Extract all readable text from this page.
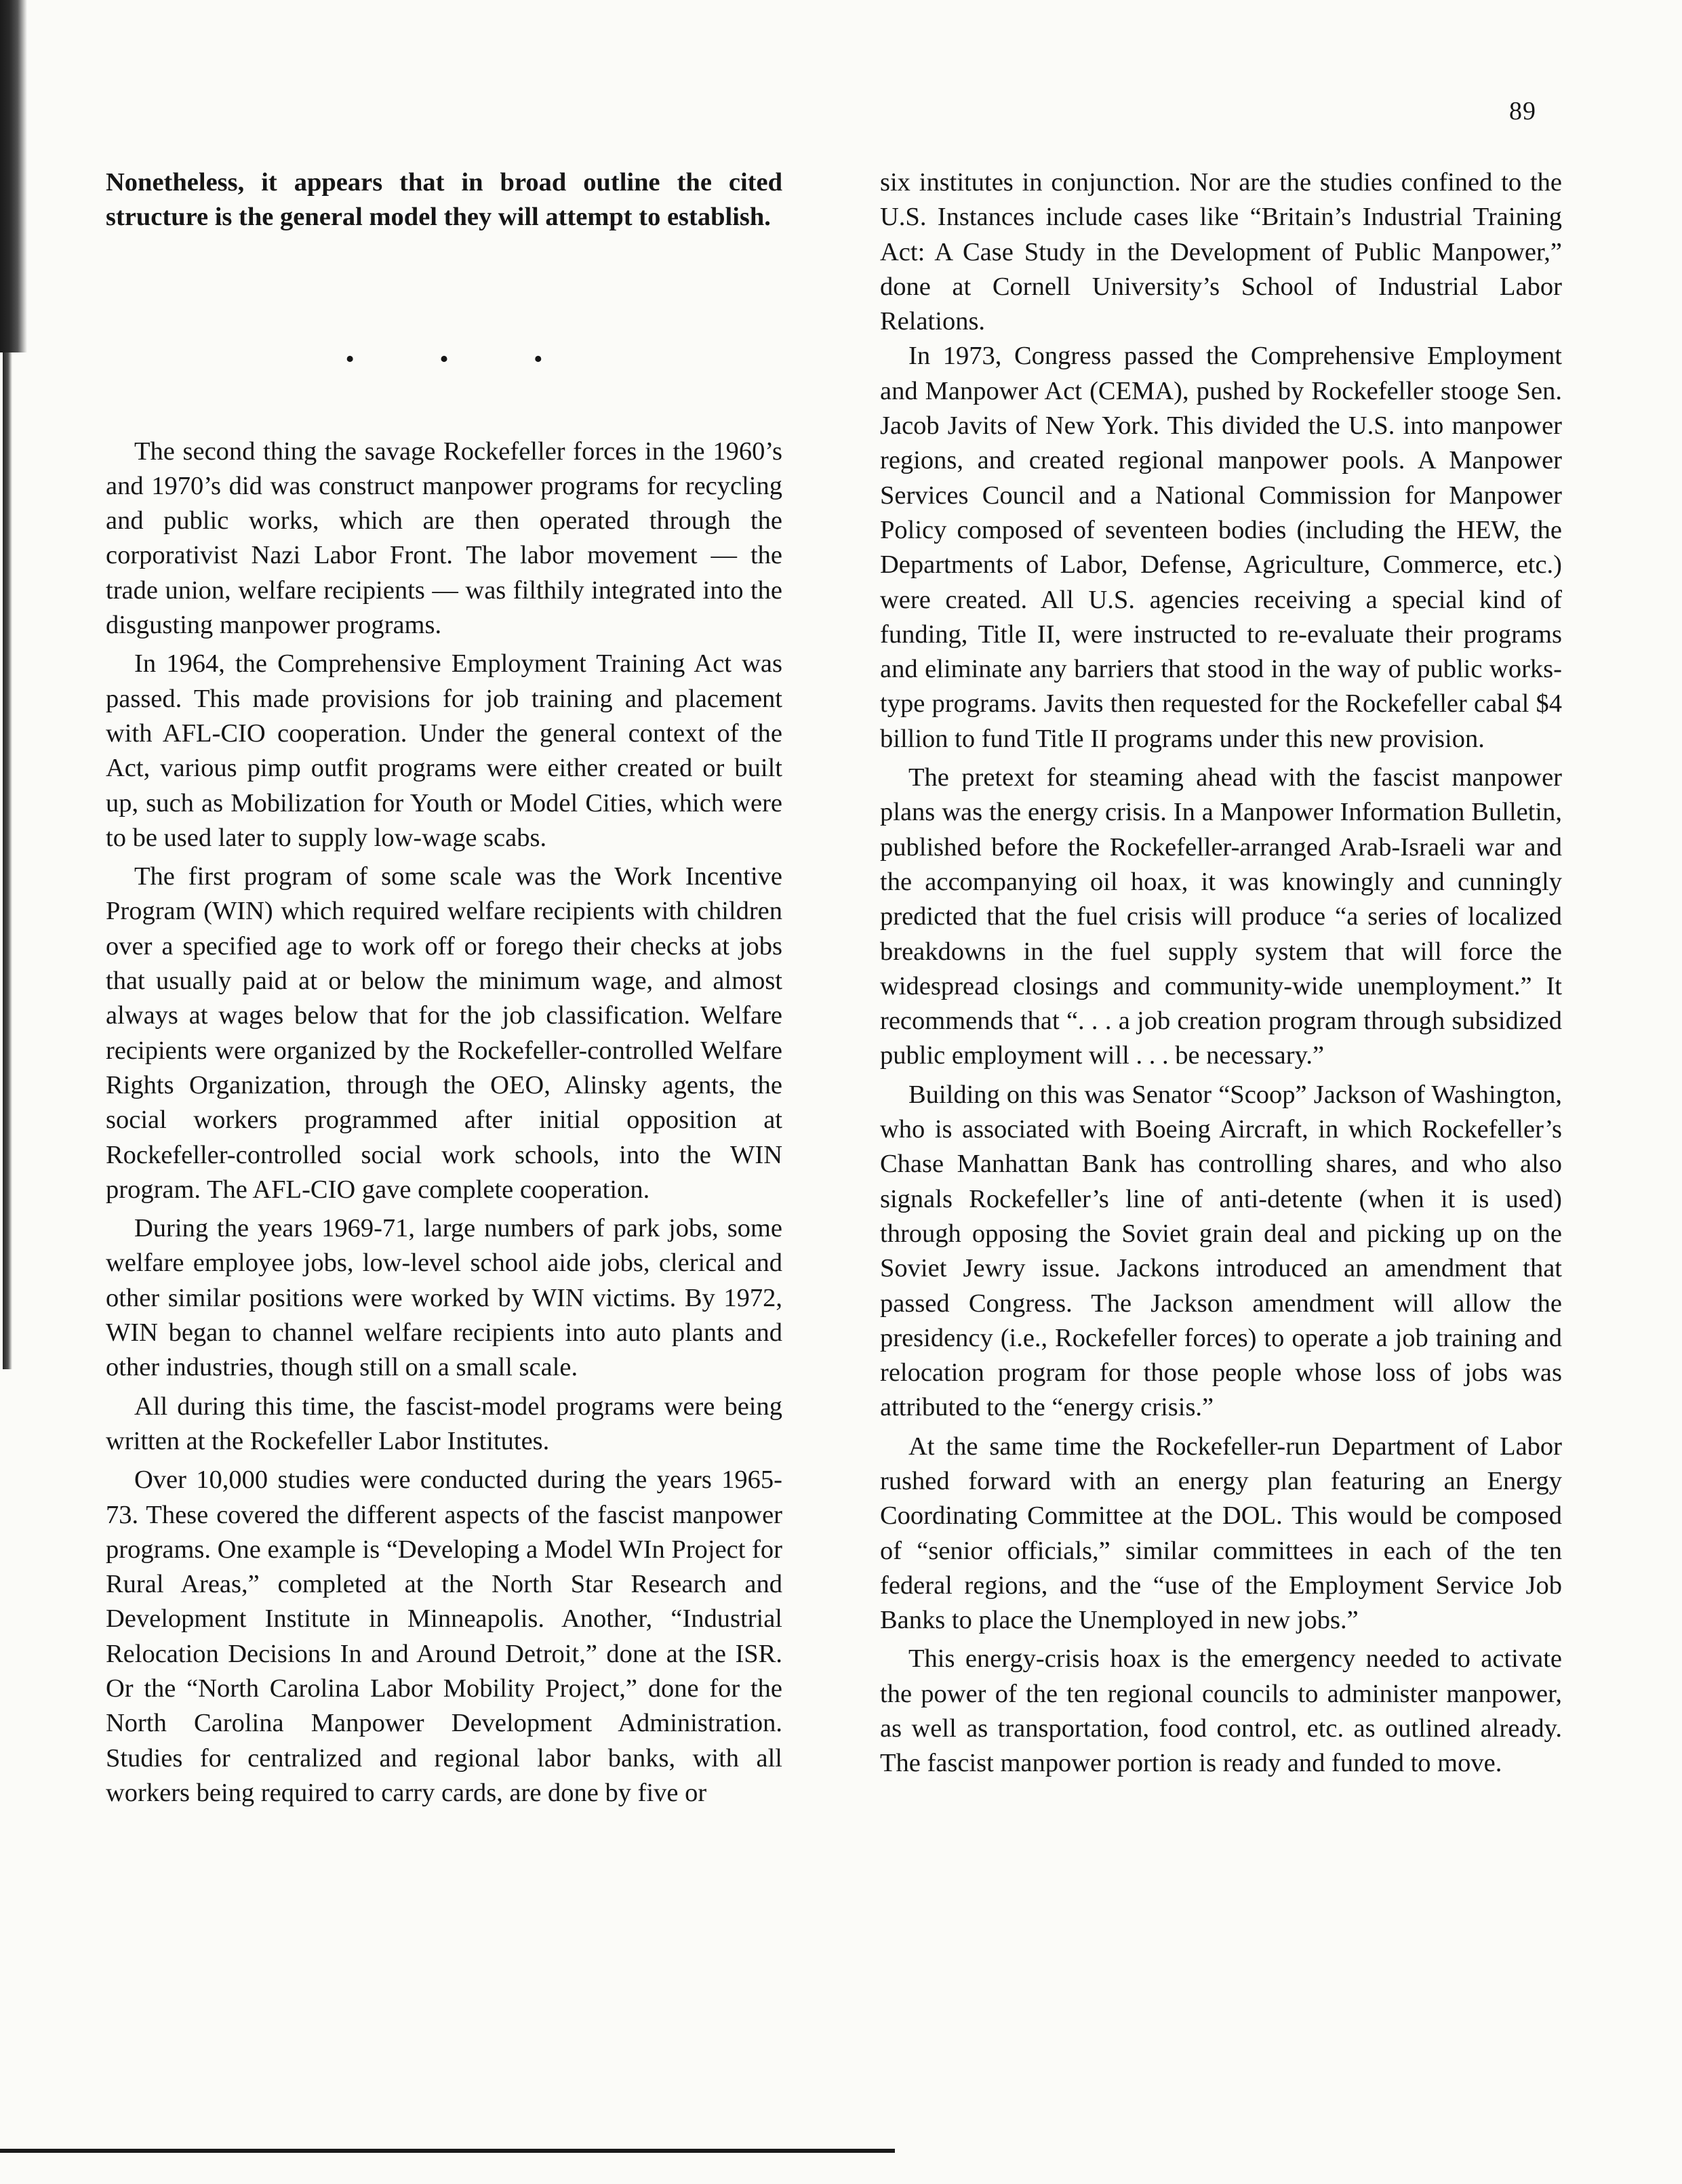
89

Nonetheless, it appears that in broad outline the cited structure is the general model they will attempt to establish.

• • •

The second thing the savage Rockefeller forces in the 1960’s and 1970’s did was construct manpower programs for recycling and public works, which are then operated through the corporativist Nazi Labor Front. The labor movement — the trade union, welfare recipients — was filthily integrated into the disgusting manpower programs.

In 1964, the Comprehensive Employment Training Act was passed. This made provisions for job training and placement with AFL-CIO cooperation. Under the general context of the Act, various pimp outfit programs were either created or built up, such as Mobilization for Youth or Model Cities, which were to be used later to supply low-wage scabs.

The first program of some scale was the Work Incentive Program (WIN) which required welfare recipients with children over a specified age to work off or forego their checks at jobs that usually paid at or below the minimum wage, and almost always at wages below that for the job classification. Welfare recipients were organized by the Rockefeller-controlled Welfare Rights Organization, through the OEO, Alinsky agents, the social workers programmed after initial opposition at Rockefeller-controlled social work schools, into the WIN program. The AFL-CIO gave complete cooperation.

During the years 1969-71, large numbers of park jobs, some welfare employee jobs, low-level school aide jobs, clerical and other similar positions were worked by WIN victims. By 1972, WIN began to channel welfare recipients into auto plants and other industries, though still on a small scale.

All during this time, the fascist-model programs were being written at the Rockefeller Labor Institutes.

Over 10,000 studies were conducted during the years 1965-73. These covered the different aspects of the fascist manpower programs. One example is “Developing a Model WIn Project for Rural Areas,” completed at the North Star Research and Development Institute in Minneapolis. Another, “Industrial Relocation Decisions In and Around Detroit,” done at the ISR. Or the “North Carolina Labor Mobility Project,” done for the North Carolina Manpower Development Administration. Studies for centralized and regional labor banks, with all workers being required to carry cards, are done by five or

six institutes in conjunction. Nor are the studies confined to the U.S. Instances include cases like “Britain’s Industrial Training Act: A Case Study in the Development of Public Manpower,” done at Cornell University’s School of Industrial Labor Relations.

In 1973, Congress passed the Comprehensive Employment and Manpower Act (CEMA), pushed by Rockefeller stooge Sen. Jacob Javits of New York. This divided the U.S. into manpower regions, and created regional manpower pools. A Manpower Services Council and a National Commission for Manpower Policy composed of seventeen bodies (including the HEW, the Departments of Labor, Defense, Agriculture, Commerce, etc.) were created. All U.S. agencies receiving a special kind of funding, Title II, were instructed to re-evaluate their programs and eliminate any barriers that stood in the way of public works-type programs. Javits then requested for the Rockefeller cabal $4 billion to fund Title II programs under this new provision.

The pretext for steaming ahead with the fascist manpower plans was the energy crisis. In a Manpower Information Bulletin, published before the Rockefeller-arranged Arab-Israeli war and the accompanying oil hoax, it was knowingly and cunningly predicted that the fuel crisis will produce “a series of localized breakdowns in the fuel supply system that will force the widespread closings and community-wide unemployment.” It recommends that “. . . a job creation program through subsidized public employment will . . . be necessary.”

Building on this was Senator “Scoop” Jackson of Washington, who is associated with Boeing Aircraft, in which Rockefeller’s Chase Manhattan Bank has controlling shares, and who also signals Rockefeller’s line of anti-detente (when it is used) through opposing the Soviet grain deal and picking up on the Soviet Jewry issue. Jackons introduced an amendment that passed Congress. The Jackson amendment will allow the presidency (i.e., Rockefeller forces) to operate a job training and relocation program for those people whose loss of jobs was attributed to the “energy crisis.”

At the same time the Rockefeller-run Department of Labor rushed forward with an energy plan featuring an Energy Coordinating Committee at the DOL. This would be composed of “senior officials,” similar committees in each of the ten federal regions, and the “use of the Employment Service Job Banks to place the Unemployed in new jobs.”

This energy-crisis hoax is the emergency needed to activate the power of the ten regional councils to administer manpower, as well as transportation, food control, etc. as outlined already. The fascist manpower portion is ready and funded to move.
